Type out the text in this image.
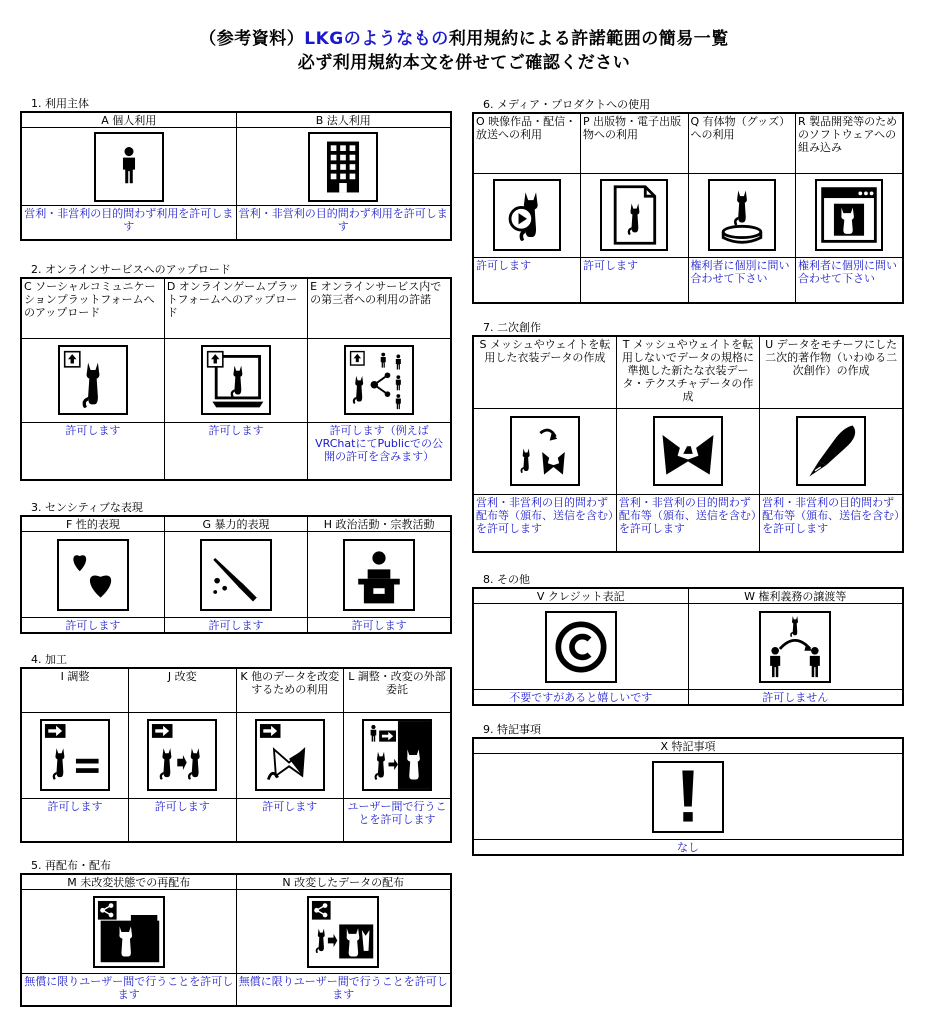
（参考資料）LKGのようなもの利用規約による許諾範囲の簡易一覧
必ず利用規約本文を併せてご確認ください
1. 利用主体
A 個人利用	B 法人利用

営利・非営利の目的問わず利用を許可します	営利・非営利の目的問わず利用を許可します
2. オンラインサービスへのアップロード
C ソーシャルコミュニケーションプラットフォームへのアップロード	D オンラインゲームプラットフォームへのアップロード	E オンラインサービス内での第三者への利用の許諾

許可します	許可します	許可します（例えばVRChatにてPublicでの公開の許可を含みます）
3. センシティブな表現
F 性的表現	G 暴力的表現	H 政治活動・宗教活動

許可します	許可します	許可します
4. 加工
I 調整	J 改変	K 他のデータを改変するための利用	L 調整・改変の外部委託

許可します	許可します	許可します	ユーザー間で行うことを許可します
5. 再配布・配布
M 未改変状態での再配布	N 改変したデータの配布

無償に限りユーザー間で行うことを許可します	無償に限りユーザー間で行うことを許可します
6. メディア・プロダクトへの使用
O 映像作品・配信・放送への利用	P 出版物・電子出版物への利用	Q 有体物（グッズ）への利用	R 製品開発等のためのソフトウェアへの組み込み

許可します	許可します	権利者に個別に問い合わせて下さい	権利者に個別に問い合わせて下さい
7. 二次創作
S メッシュやウェイトを転用した衣装データの作成	T メッシュやウェイトを転用しないでデータの規格に準拠した新たな衣装データ・テクスチャデータの作成	U データをモチーフにした二次的著作物（いわゆる二次創作）の作成

営利・非営利の目的問わず配布等（頒布、送信を含む）を許可します	営利・非営利の目的問わず配布等（頒布、送信を含む）を許可します	営利・非営利の目的問わず配布等（頒布、送信を含む）を許可します
8. その他
V クレジット表記	W 権利義務の譲渡等

不要ですがあると嬉しいです	許可しません
9. 特記事項
X 特記事項

なし
